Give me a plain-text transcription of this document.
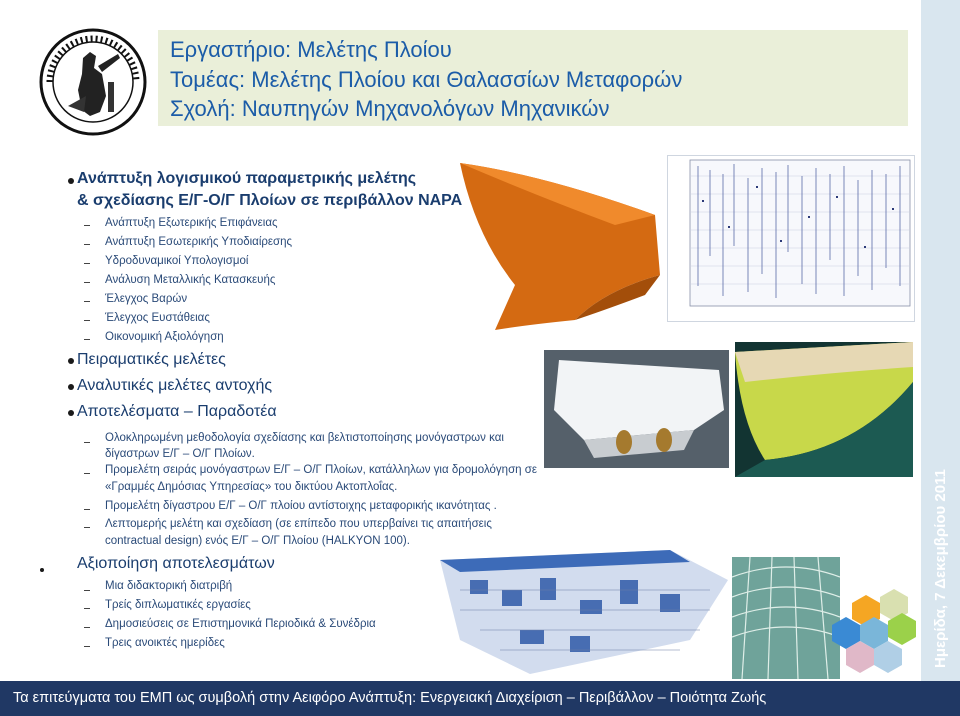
Εργαστήριο: Μελέτης Πλοίου
Τομέας: Μελέτης Πλοίου και Θαλασσίων Μεταφορών
Σχολή: Ναυπηγών Μηχανολόγων Μηχανικών
Ημερίδα, 7 Δεκεμβρίου 2011
Ανάπτυξη λογισμικού παραμετρικής μελέτης
& σχεδίασης Ε/Γ-Ο/Γ Πλοίων σε περιβάλλον ΝΑΡΑ
Ανάπτυξη Εξωτερικής Επιφάνειας
Ανάπτυξη Εσωτερικής Υποδιαίρεσης
Υδροδυναμικοί Υπολογισμοί
Ανάλυση Μεταλλικής Κατασκευής
Έλεγχος Βαρών
Έλεγχος Ευστάθειας
Οικονομική Αξιολόγηση
Πειραματικές μελέτες
Αναλυτικές μελέτες αντοχής
Αποτελέσματα – Παραδοτέα
Ολοκληρωμένη μεθοδολογία σχεδίασης και βελτιστοποίησης μονόγαστρων και
δίγαστρων Ε/Γ – Ο/Γ Πλοίων.
Προμελέτη σειράς μονόγαστρων Ε/Γ – Ο/Γ Πλοίων, κατάλληλων για δρομολόγηση σε
«Γραμμές Δημόσιας Υπηρεσίας» του δικτύου Ακτοπλοΐας.
Προμελέτη δίγαστρου Ε/Γ – Ο/Γ πλοίου αντίστοιχης μεταφορικής ικανότητας .
Λεπτομερής μελέτη και σχεδίαση (σε επίπεδο που υπερβαίνει τις απαιτήσεις
contractual design) ενός Ε/Γ – Ο/Γ Πλοίου (HALKYON 100).
Αξιοποίηση αποτελεσμάτων
Μια διδακτορική διατριβή
Τρείς διπλωματικές εργασίες
Δημοσιεύσεις σε Επιστημονικά Περιοδικά & Συνέδρια
Τρεις ανοικτές ημερίδες
Τα επιτεύγματα του ΕΜΠ ως συμβολή στην Αειφόρο Ανάπτυξη: Ενεργειακή Διαχείριση – Περιβάλλον – Ποιότητα Ζωής
